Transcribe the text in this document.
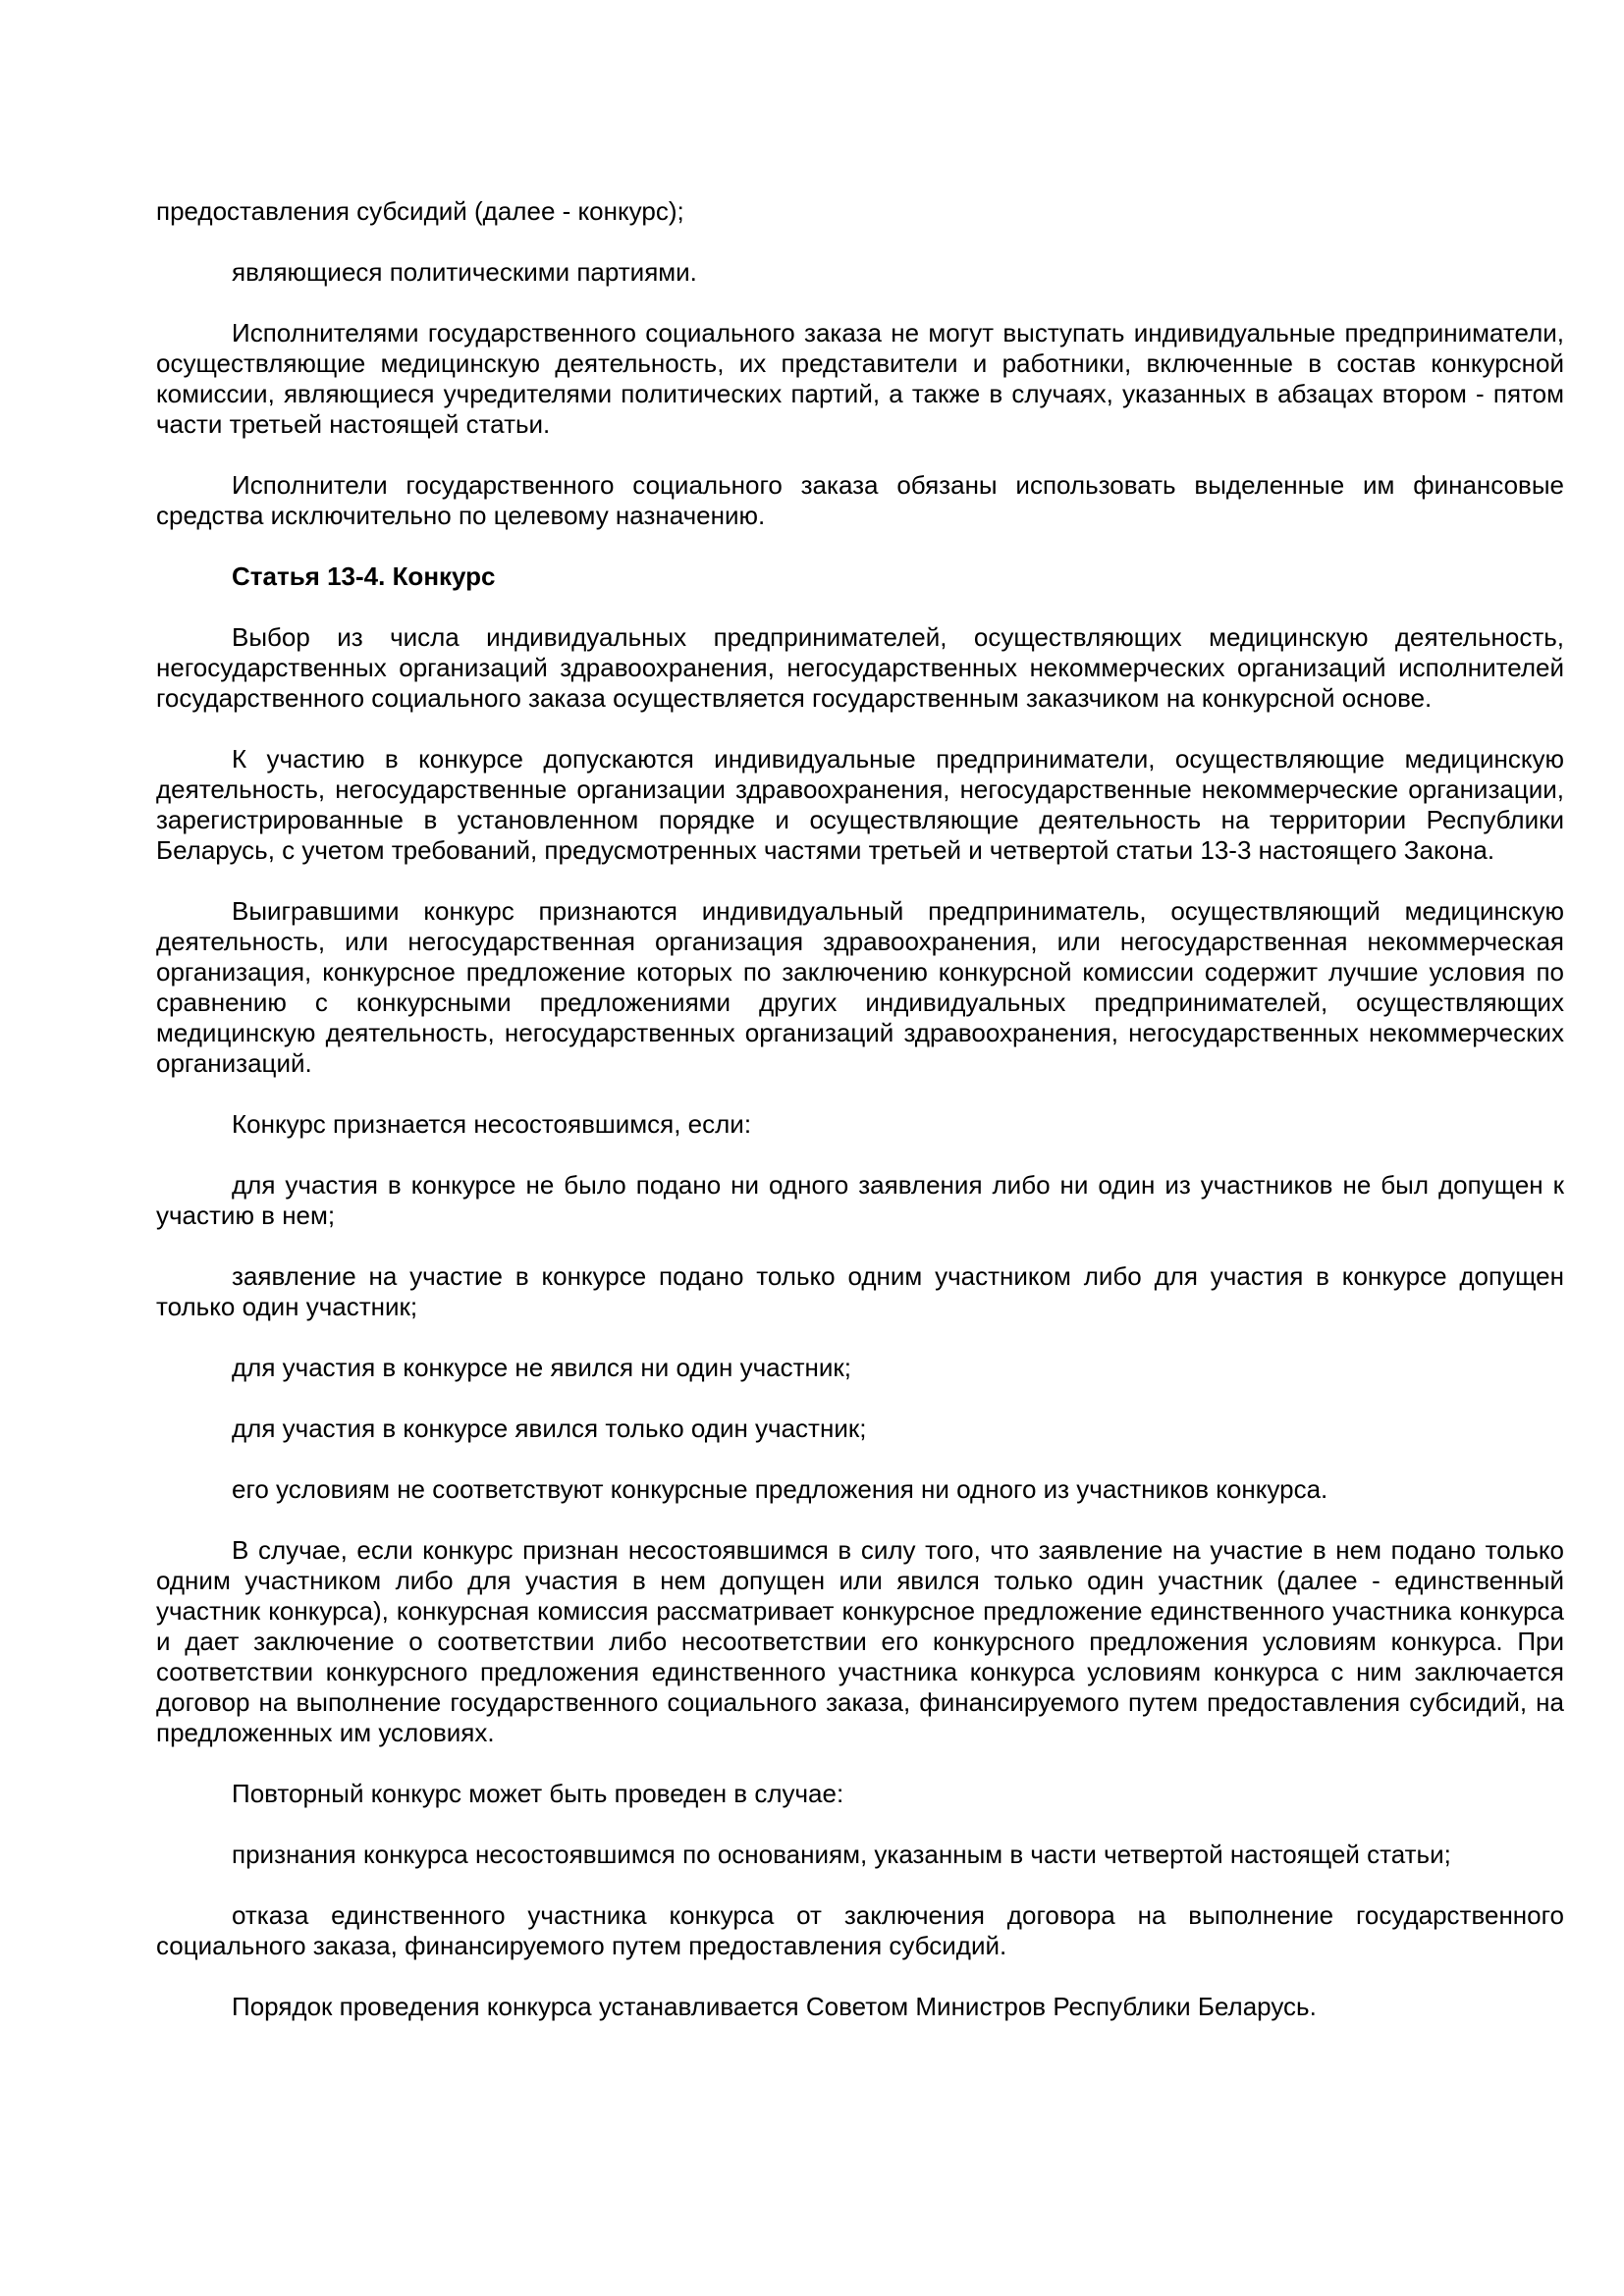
предоставления субсидий (далее - конкурс);

являющиеся политическими партиями.

Исполнителями государственного социального заказа не могут выступать индивидуальные предприниматели, осуществляющие медицинскую деятельность, их представители и работники, включенные в состав конкурсной комиссии, являющиеся учредителями политических партий, а также в случаях, указанных в абзацах втором - пятом части третьей настоящей статьи.

Исполнители государственного социального заказа обязаны использовать выделенные им финансовые средства исключительно по целевому назначению.

Статья 13-4. Конкурс

Выбор из числа индивидуальных предпринимателей, осуществляющих медицинскую деятельность, негосударственных организаций здравоохранения, негосударственных некоммерческих организаций исполнителей государственного социального заказа осуществляется государственным заказчиком на конкурсной основе.

К участию в конкурсе допускаются индивидуальные предприниматели, осуществляющие медицинскую деятельность, негосударственные организации здравоохранения, негосударственные некоммерческие организации, зарегистрированные в установленном порядке и осуществляющие деятельность на территории Республики Беларусь, с учетом требований, предусмотренных частями третьей и четвертой статьи 13-3 настоящего Закона.

Выигравшими конкурс признаются индивидуальный предприниматель, осуществляющий медицинскую деятельность, или негосударственная организация здравоохранения, или негосударственная некоммерческая организация, конкурсное предложение которых по заключению конкурсной комиссии содержит лучшие условия по сравнению с конкурсными предложениями других индивидуальных предпринимателей, осуществляющих медицинскую деятельность, негосударственных организаций здравоохранения, негосударственных некоммерческих организаций.

Конкурс признается несостоявшимся, если:

для участия в конкурсе не было подано ни одного заявления либо ни один из участников не был допущен к участию в нем;

заявление на участие в конкурсе подано только одним участником либо для участия в конкурсе допущен только один участник;

для участия в конкурсе не явился ни один участник;

для участия в конкурсе явился только один участник;

его условиям не соответствуют конкурсные предложения ни одного из участников конкурса.

В случае, если конкурс признан несостоявшимся в силу того, что заявление на участие в нем подано только одним участником либо для участия в нем допущен или явился только один участник (далее - единственный участник конкурса), конкурсная комиссия рассматривает конкурсное предложение единственного участника конкурса и дает заключение о соответствии либо несоответствии его конкурсного предложения условиям конкурса. При соответствии конкурсного предложения единственного участника конкурса условиям конкурса с ним заключается договор на выполнение государственного социального заказа, финансируемого путем предоставления субсидий, на предложенных им условиях.

Повторный конкурс может быть проведен в случае:

признания конкурса несостоявшимся по основаниям, указанным в части четвертой настоящей статьи;

отказа единственного участника конкурса от заключения договора на выполнение государственного социального заказа, финансируемого путем предоставления субсидий.

Порядок проведения конкурса устанавливается Советом Министров Республики Беларусь.
